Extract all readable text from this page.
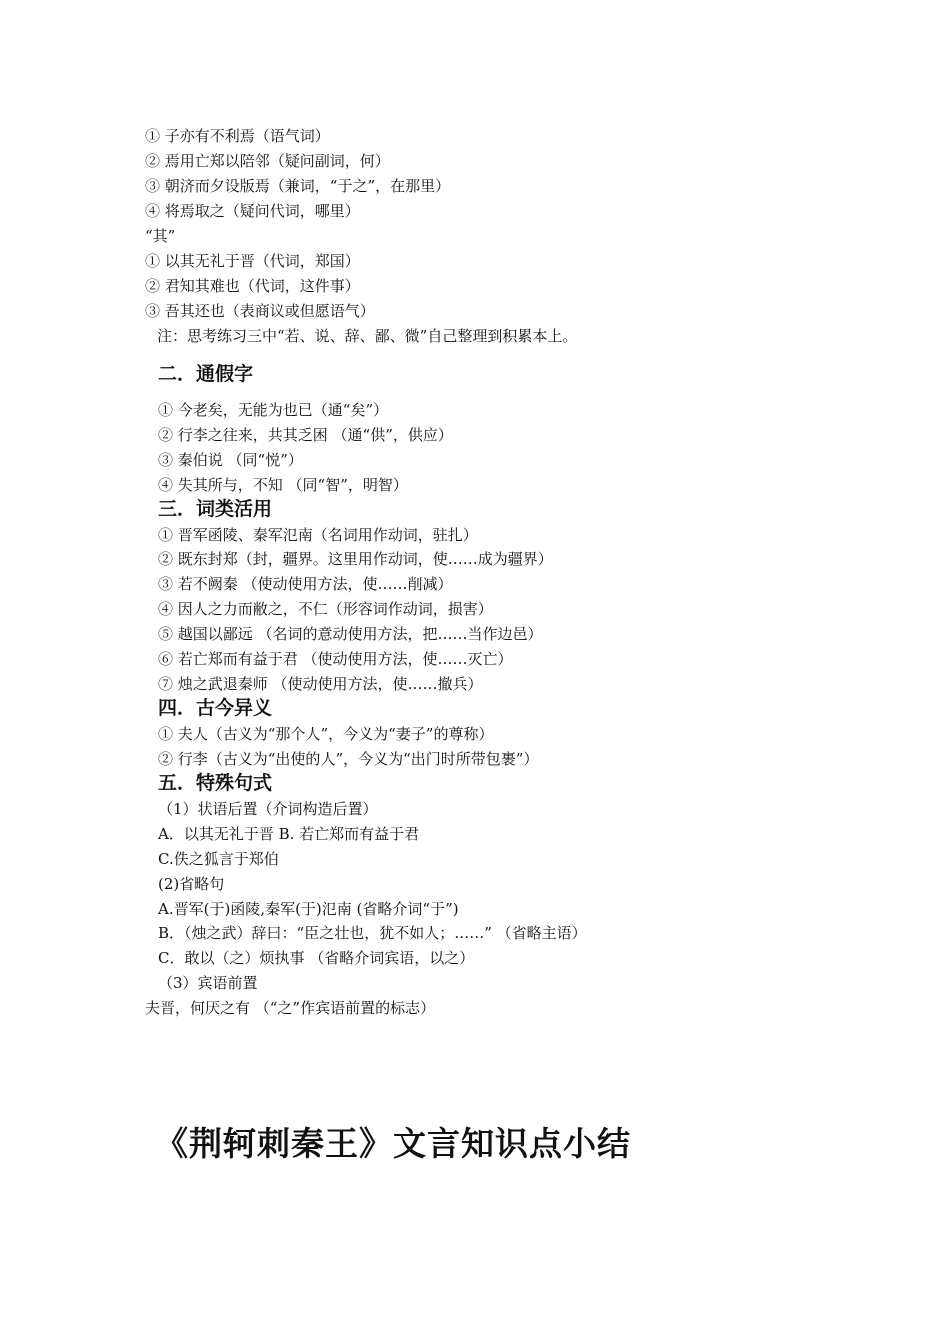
① 子亦有不利焉（语气词）
② 焉用亡郑以陪邻（疑问副词，何）
③ 朝济而夕设版焉（兼词，“于之”，在那里）
④ 将焉取之（疑问代词，哪里）
“其”
① 以其无礼于晋（代词，郑国）
② 君知其难也（代词，这件事）
③ 吾其还也（表商议或但愿语气）
注：思考练习三中“若、说、辞、鄙、微”自己整理到积累本上。
二．通假字
① 今老矣，无能为也已（通“矣”）
② 行李之往来，共其乏困 （通“供”，供应）
③ 秦伯说 （同“悦”）
④ 失其所与，不知 （同“智”，明智）
三．词类活用
① 晋军函陵、秦军氾南（名词用作动词，驻扎）
② 既东封郑（封，疆界。这里用作动词，使……成为疆界）
③ 若不阙秦 （使动使用方法，使……削减）
④ 因人之力而敝之，不仁（形容词作动词，损害）
⑤ 越国以鄙远 （名词的意动使用方法，把……当作边邑）
⑥ 若亡郑而有益于君 （使动使用方法，使……灭亡）
⑦ 烛之武退秦师 （使动使用方法，使……撤兵）
四．古今异义
① 夫人（古义为“那个人”，今义为“妻子”的尊称）
② 行李（古义为“出使的人”，今义为“出门时所带包裹”）
五．特殊句式
（1）状语后置（介词构造后置）
A．以其无礼于晋 B. 若亡郑而有益于君
C.佚之狐言于郑伯
(2)省略句
A.晋军(于)函陵,秦军(于)氾南 (省略介词“于”)
B．（烛之武）辞曰：“臣之壮也，犹不如人；……” （省略主语）
C．敢以（之）烦执事 （省略介词宾语，以之）
（3）宾语前置
夫晋，何厌之有 （“之”作宾语前置的标志）
《荆轲刺秦王》文言知识点小结
